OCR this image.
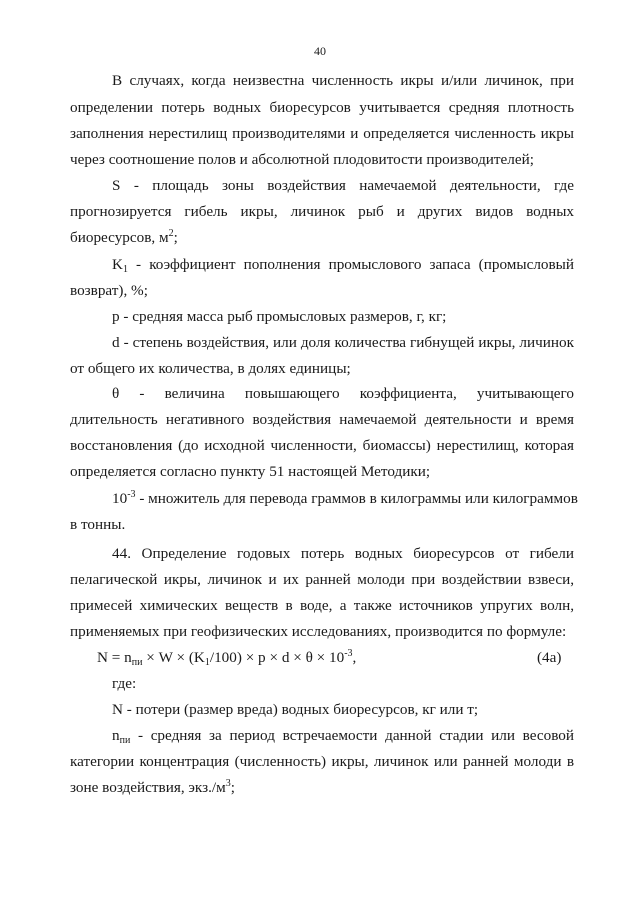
40
В случаях, когда неизвестна численность икры и/или личинок, при
определении потерь водных биоресурсов учитывается средняя плотность
заполнения нерестилищ производителями и определяется численность икры
через соотношение полов и абсолютной плодовитости производителей;
S - площадь зоны воздействия намечаемой деятельности, где
прогнозируется гибель икры, личинок рыб и других видов водных
биоресурсов, $м^2$;
$K_1$ - коэффициент пополнения промыслового запаса (промысловый
возврат), %;
р - средняя масса рыб промысловых размеров, г, кг;
d - степень воздействия, или доля количества гибнущей икры, личинок
от общего их количества, в долях единицы;
θ - величина повышающего коэффициента, учитывающего
длительность негативного воздействия намечаемой деятельности и время
восстановления (до исходной численности, биомассы) нерестилищ, которая
определяется согласно пункту 51 настоящей Методики;
$10^{-3}$ - множитель для перевода граммов в килограммы или килограммов
в тонны.
44. Определение годовых потерь водных биоресурсов от гибели
пелагической икры, личинок и их ранней молоди при воздействии взвеси,
примесей химических веществ в воде, а также источников упругих волн,
применяемых при геофизических исследованиях, производится по формуле:
$N = n_{пи} \times W \times (K_1/100) \times p \times d \times \theta \times 10^{-3}$,	(4а)
где:
N - потери (размер вреда) водных биоресурсов, кг или т;
$n_{пи}$ - средняя за период встречаемости данной стадии или весовой
категории концентрация (численность) икры, личинок или ранней молоди в
зоне воздействия, $экз./м^3$;
